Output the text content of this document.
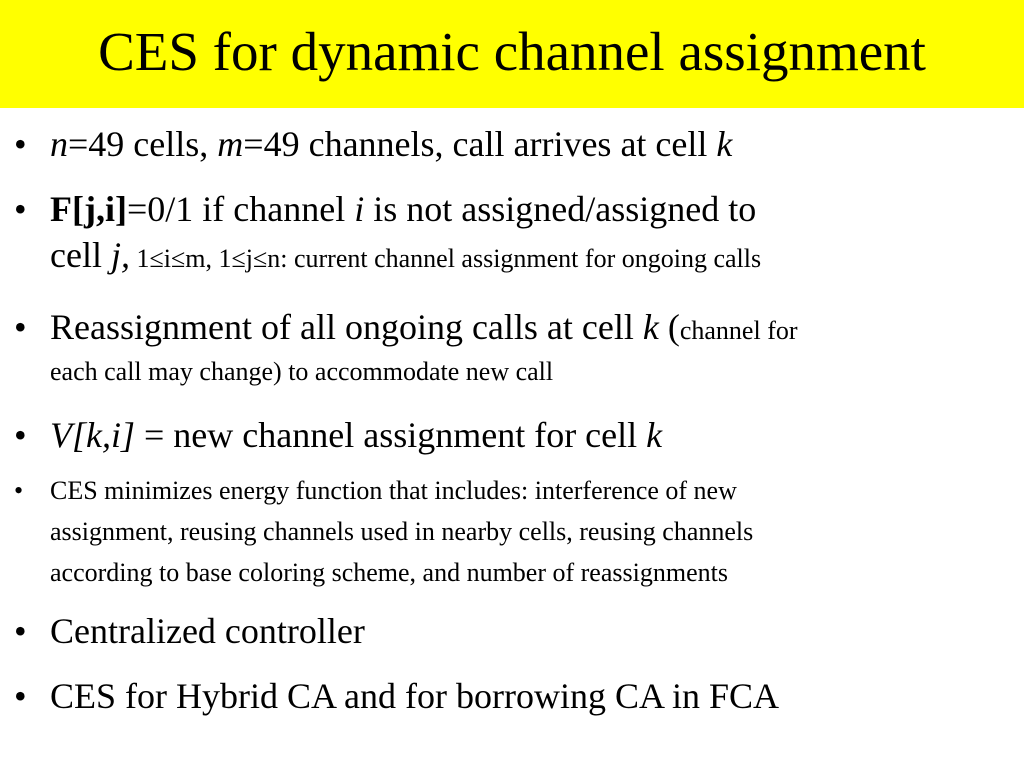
CES for dynamic channel assignment
• n=49 cells, m=49 channels, call arrives at cell k
• F[j,i]=0/1 if channel i is not assigned/assigned to
cell j, 1≤i≤m, 1≤j≤n: current channel assignment for ongoing calls
• Reassignment of all ongoing calls at cell k (channel for
each call may change) to accommodate new call
• V[k,i] = new channel assignment for cell k
• CES minimizes energy function that includes: interference of new
assignment, reusing channels used in nearby cells, reusing channels
according to base coloring scheme, and number of reassignments
• Centralized controller
• CES for Hybrid CA and for borrowing CA in FCA
